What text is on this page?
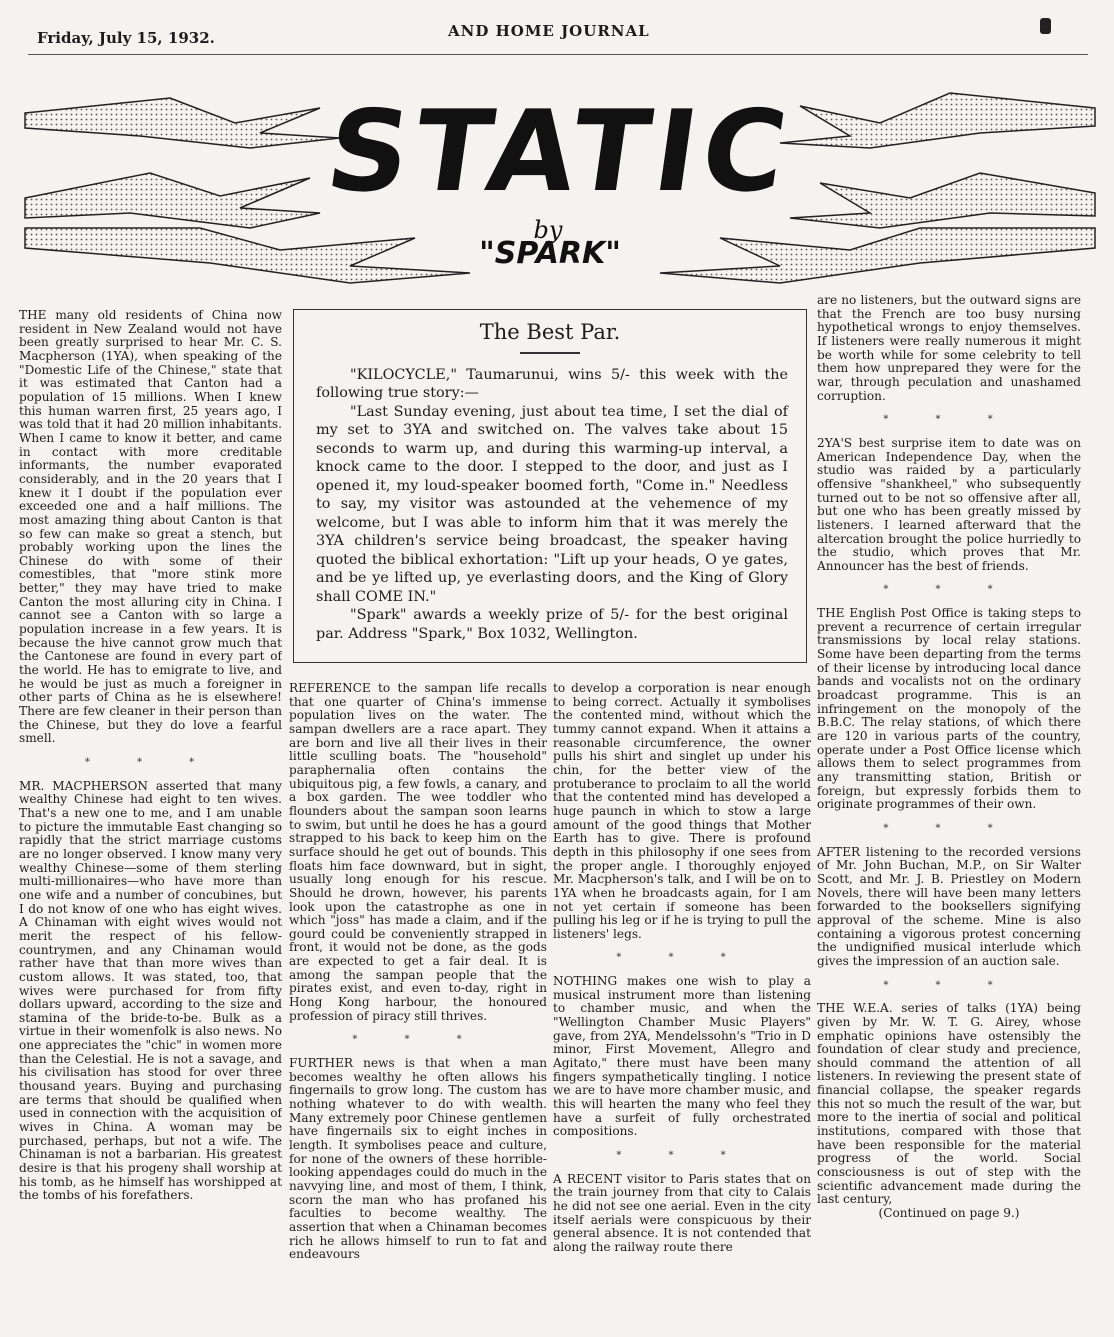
Friday, July 15, 1932.	AND HOME JOURNAL
STATIC
by
"SPARK"
The Best Par.

"KILOCYCLE," Taumarunui, wins 5/- this week with the following true story:—

"Last Sunday evening, just about tea time, I set the dial of my set to 3YA and switched on. The valves take about 15 seconds to warm up, and during this warming-up interval, a knock came to the door. I stepped to the door, and just as I opened it, my loud-speaker boomed forth, "Come in." Needless to say, my visitor was astounded at the vehemence of my welcome, but I was able to inform him that it was merely the 3YA children's service being broadcast, the speaker having quoted the biblical exhortation: "Lift up your heads, O ye gates, and be ye lifted up, ye everlasting doors, and the King of Glory shall COME IN."

"Spark" awards a weekly prize of 5/- for the best original par. Address "Spark," Box 1032, Wellington.

THE many old residents of China now resident in New Zealand would not have been greatly surprised to hear Mr. C. S. Macpherson (1YA), when speaking of the "Domestic Life of the Chinese," state that it was estimated that Canton had a population of 15 millions. When I knew this human warren first, 25 years ago, I was told that it had 20 million inhabitants. When I came to know it better, and came in contact with more creditable informants, the number evaporated considerably, and in the 20 years that I knew it I doubt if the population ever exceeded one and a half millions. The most amazing thing about Canton is that so few can make so great a stench, but probably working upon the lines the Chinese do with some of their comestibles, that "more stink more better," they may have tried to make Canton the most alluring city in China. I cannot see a Canton with so large a population increase in a few years. It is because the hive cannot grow much that the Cantonese are found in every part of the world. He has to emigrate to live, and he would be just as much a foreigner in other parts of China as he is elsewhere! There are few cleaner in their person than the Chinese, but they do love a fearful smell.

* * *

MR. MACPHERSON asserted that many wealthy Chinese had eight to ten wives. That's a new one to me, and I am unable to picture the immutable East changing so rapidly that the strict marriage customs are no longer observed. I know many very wealthy Chinese—some of them sterling multi-millionaires—who have more than one wife and a number of concubines, but I do not know of one who has eight wives. A Chinaman with eight wives would not merit the respect of his fellow-countrymen, and any Chinaman would rather have that than more wives than custom allows. It was stated, too, that wives were purchased for from fifty dollars upward, according to the size and stamina of the bride-to-be. Bulk as a virtue in their womenfolk is also news. No one appreciates the "chic" in women more than the Celestial. He is not a savage, and his civilisation has stood for over three thousand years. Buying and purchasing are terms that should be qualified when used in connection with the acquisition of wives in China. A woman may be purchased, perhaps, but not a wife. The Chinaman is not a barbarian. His greatest desire is that his progeny shall worship at his tomb, as he himself has worshipped at the tombs of his forefathers.

REFERENCE to the sampan life recalls that one quarter of China's immense population lives on the water. The sampan dwellers are a race apart. They are born and live all their lives in their little sculling boats. The "household" paraphernalia often contains the ubiquitous pig, a few fowls, a canary, and a box garden. The wee toddler who flounders about the sampan soon learns to swim, but until he does he has a gourd strapped to his back to keep him on the surface should he get out of bounds. This floats him face downward, but in sight, usually long enough for his rescue. Should he drown, however, his parents look upon the catastrophe as one in which "joss" has made a claim, and if the gourd could be conveniently strapped in front, it would not be done, as the gods are expected to get a fair deal. It is among the sampan people that the pirates exist, and even to-day, right in Hong Kong harbour, the honoured profession of piracy still thrives.

* * *

FURTHER news is that when a man becomes wealthy he often allows his fingernails to grow long. The custom has nothing whatever to do with wealth. Many extremely poor Chinese gentlemen have fingernails six to eight inches in length. It symbolises peace and culture, for none of the owners of these horrible-looking appendages could do much in the navvying line, and most of them, I think, scorn the man who has profaned his faculties to become wealthy. The assertion that when a Chinaman becomes rich he allows himself to run to fat and endeavours

to develop a corporation is near enough to being correct. Actually it symbolises the contented mind, without which the tummy cannot expand. When it attains a reasonable circumference, the owner pulls his shirt and singlet up under his chin, for the better view of the protuberance to proclaim to all the world that the contented mind has developed a huge paunch in which to stow a large amount of the good things that Mother Earth has to give. There is profound depth in this philosophy if one sees from the proper angle. I thoroughly enjoyed Mr. Macpherson's talk, and I will be on to 1YA when he broadcasts again, for I am not yet certain if someone has been pulling his leg or if he is trying to pull the listeners' legs.

* * *

NOTHING makes one wish to play a musical instrument more than listening to chamber music, and when the "Wellington Chamber Music Players" gave, from 2YA, Mendelssohn's "Trio in D minor, First Movement, Allegro and Agitato," there must have been many fingers sympathetically tingling. I notice we are to have more chamber music, and this will hearten the many who feel they have a surfeit of fully orchestrated compositions.

* * *

A RECENT visitor to Paris states that on the train journey from that city to Calais he did not see one aerial. Even in the city itself aerials were conspicuous by their general absence. It is not contended that along the railway route there

are no listeners, but the outward signs are that the French are too busy nursing hypothetical wrongs to enjoy themselves. If listeners were really numerous it might be worth while for some celebrity to tell them how unprepared they were for the war, through peculation and unashamed corruption.

* * *

2YA'S best surprise item to date was on American Independence Day, when the studio was raided by a particularly offensive "shankheel," who subsequently turned out to be not so offensive after all, but one who has been greatly missed by listeners. I learned afterward that the altercation brought the police hurriedly to the studio, which proves that Mr. Announcer has the best of friends.

* * *

THE English Post Office is taking steps to prevent a recurrence of certain irregular transmissions by local relay stations. Some have been departing from the terms of their license by introducing local dance bands and vocalists not on the ordinary broadcast programme. This is an infringement on the monopoly of the B.B.C. The relay stations, of which there are 120 in various parts of the country, operate under a Post Office license which allows them to select programmes from any transmitting station, British or foreign, but expressly forbids them to originate programmes of their own.

* * *

AFTER listening to the recorded versions of Mr. John Buchan, M.P., on Sir Walter Scott, and Mr. J. B. Priestley on Modern Novels, there will have been many letters forwarded to the booksellers signifying approval of the scheme. Mine is also containing a vigorous protest concerning the undignified musical interlude which gives the impression of an auction sale.

* * *

THE W.E.A. series of talks (1YA) being given by Mr. W. T. G. Airey, whose emphatic opinions have ostensibly the foundation of clear study and precience, should command the attention of all listeners. In reviewing the present state of financial collapse, the speaker regards this not so much the result of the war, but more to the inertia of social and political institutions, compared with those that have been responsible for the material progress of the world. Social consciousness is out of step with the scientific advancement made during the last century,

(Continued on page 9.)
